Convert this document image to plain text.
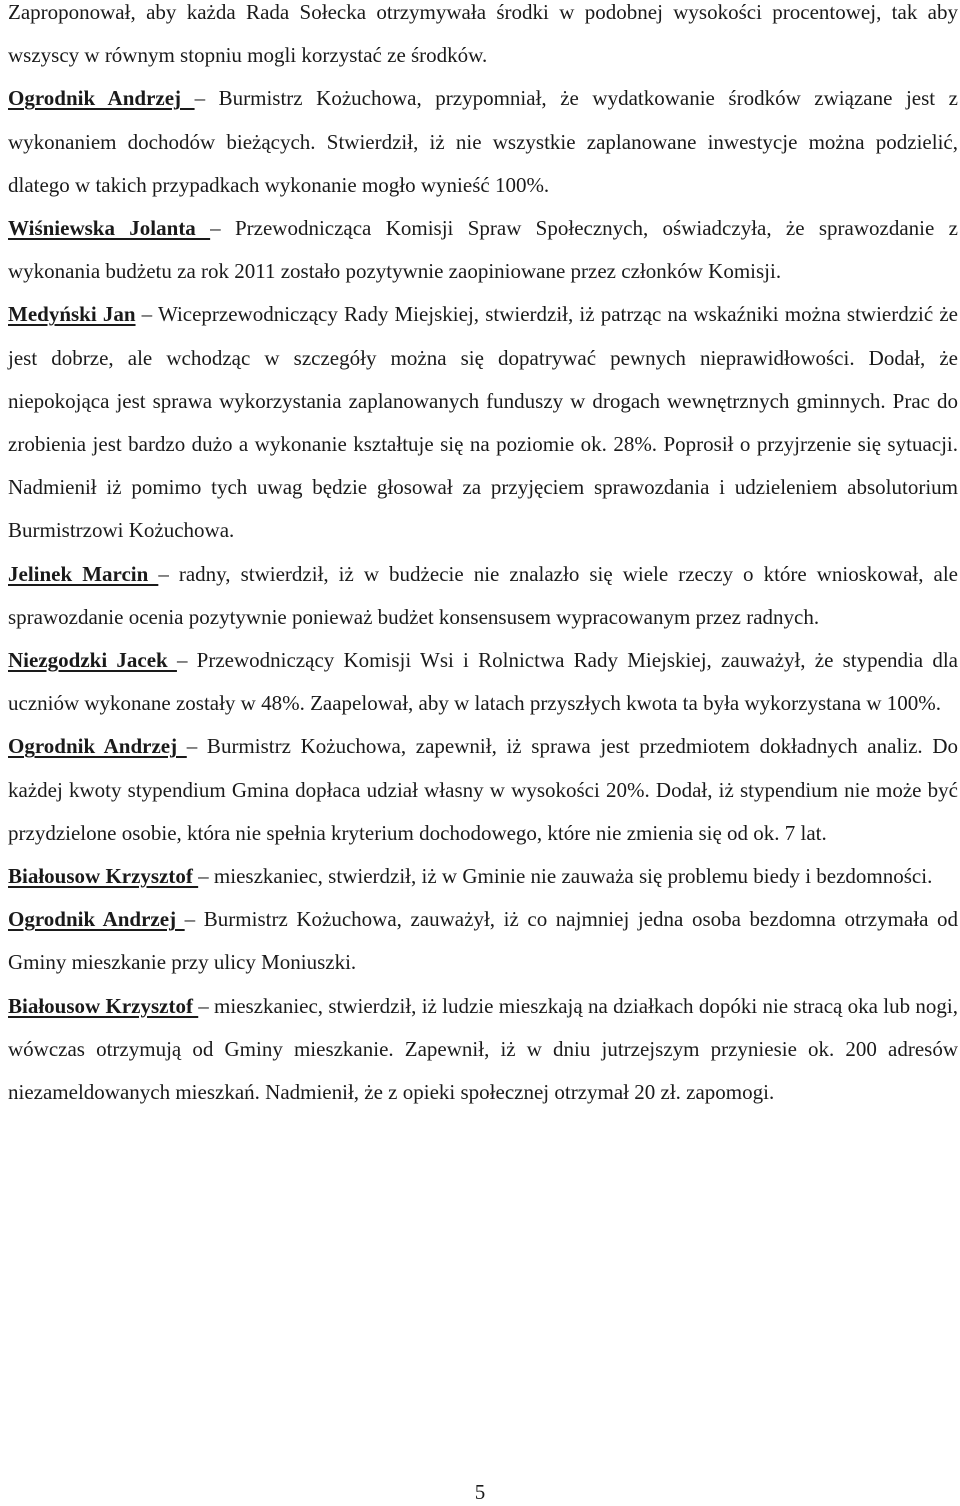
Zaproponował, aby każda Rada Sołecka otrzymywała środki w podobnej wysokości procentowej, tak aby wszyscy w równym stopniu mogli korzystać ze środków.

Ogrodnik Andrzej – Burmistrz Kożuchowa, przypomniał, że wydatkowanie środków związane jest z wykonaniem dochodów bieżących. Stwierdził, iż nie wszystkie zaplanowane inwestycje można podzielić, dlatego w takich przypadkach wykonanie mogło wynieść 100%.

Wiśniewska Jolanta – Przewodnicząca Komisji Spraw Społecznych, oświadczyła, że sprawozdanie z wykonania budżetu za rok 2011 zostało pozytywnie zaopiniowane przez członków Komisji.

Medyński Jan – Wiceprzewodniczący Rady Miejskiej, stwierdził, iż patrząc na wskaźniki można stwierdzić że jest dobrze, ale wchodząc w szczegóły można się dopatrywać pewnych nieprawidłowości. Dodał, że niepokojąca jest sprawa wykorzystania zaplanowanych funduszy w drogach wewnętrznych gminnych. Prac do zrobienia jest bardzo dużo a wykonanie kształtuje się na poziomie ok. 28%. Poprosił o przyjrzenie się sytuacji. Nadmienił iż pomimo tych uwag będzie głosował za przyjęciem sprawozdania i udzieleniem absolutorium Burmistrzowi Kożuchowa.

Jelinek Marcin – radny, stwierdził, iż w budżecie nie znalazło się wiele rzeczy o które wnioskował, ale sprawozdanie ocenia pozytywnie ponieważ budżet konsensusem wypracowanym przez radnych.

Niezgodzki Jacek – Przewodniczący Komisji Wsi i Rolnictwa Rady Miejskiej, zauważył, że stypendia dla uczniów wykonane zostały w 48%. Zaapelował, aby w latach przyszłych kwota ta była wykorzystana w 100%.

Ogrodnik Andrzej – Burmistrz Kożuchowa, zapewnił, iż sprawa jest przedmiotem dokładnych analiz. Do każdej kwoty stypendium Gmina dopłaca udział własny w wysokości 20%. Dodał, iż stypendium nie może być przydzielone osobie, która nie spełnia kryterium dochodowego, które nie zmienia się od ok. 7 lat.

Białousow Krzysztof – mieszkaniec, stwierdził, iż w Gminie nie zauważa się problemu biedy i bezdomności.

Ogrodnik Andrzej – Burmistrz Kożuchowa, zauważył, iż co najmniej jedna osoba bezdomna otrzymała od Gminy mieszkanie przy ulicy Moniuszki.

Białousow Krzysztof – mieszkaniec, stwierdził, iż ludzie mieszkają na działkach dopóki nie stracą oka lub nogi, wówczas otrzymują od Gminy mieszkanie. Zapewnił, iż w dniu jutrzejszym przyniesie ok. 200 adresów niezameldowanych mieszkań. Nadmienił, że z opieki społecznej otrzymał 20 zł. zapomogi.

5
